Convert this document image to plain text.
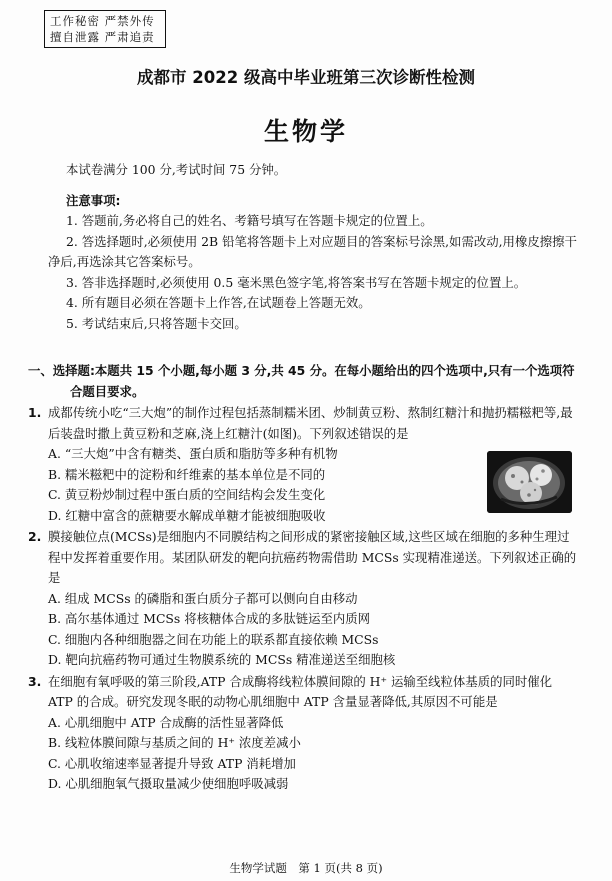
工作秘密 严禁外传
擅自泄露 严肃追责
成都市 2022 级高中毕业班第三次诊断性检测
生物学

本试卷满分 100 分,考试时间 75 分钟。

注意事项:

1. 答题前,务必将自己的姓名、考籍号填写在答题卡规定的位置上。

2. 答选择题时,必须使用 2B 铅笔将答题卡上对应题目的答案标号涂黑,如需改动,用橡皮擦擦干净后,再选涂其它答案标号。

3. 答非选择题时,必须使用 0.5 毫米黑色签字笔,将答案书写在答题卡规定的位置上。

4. 所有题目必须在答题卡上作答,在试题卷上答题无效。

5. 考试结束后,只将答题卡交回。

一、选择题:本题共 15 个小题,每小题 3 分,共 45 分。在每小题给出的四个选项中,只有一个选项符合题目要求。

1. 成都传统小吃“三大炮”的制作过程包括蒸制糯米团、炒制黄豆粉、熬制红糖汁和抛扔糯糍粑等,最后装盘时撒上黄豆粉和芝麻,浇上红糖汁(如图)。下列叙述错误的是
A. “三大炮”中含有糖类、蛋白质和脂肪等多种有机物
B. 糯米糍粑中的淀粉和纤维素的基本单位是不同的
C. 黄豆粉炒制过程中蛋白质的空间结构会发生变化
D. 红糖中富含的蔗糖要水解成单糖才能被细胞吸收
2. 膜接触位点(MCSs)是细胞内不同膜结构之间形成的紧密接触区域,这些区域在细胞的多种生理过程中发挥着重要作用。某团队研发的靶向抗癌药物需借助 MCSs 实现精准递送。下列叙述正确的是
A. 组成 MCSs 的磷脂和蛋白质分子都可以侧向自由移动
B. 高尔基体通过 MCSs 将核糖体合成的多肽链运至内质网
C. 细胞内各种细胞器之间在功能上的联系都直接依赖 MCSs
D. 靶向抗癌药物可通过生物膜系统的 MCSs 精准递送至细胞核
3. 在细胞有氧呼吸的第三阶段,ATP 合成酶将线粒体膜间隙的 H⁺ 运输至线粒体基质的同时催化 ATP 的合成。研究发现冬眠的动物心肌细胞中 ATP 含量显著降低,其原因不可能是
A. 心肌细胞中 ATP 合成酶的活性显著降低
B. 线粒体膜间隙与基质之间的 H⁺ 浓度差减小
C. 心肌收缩速率显著提升导致 ATP 消耗增加
D. 心肌细胞氧气摄取量减少使细胞呼吸减弱
生物学试题　第 1 页(共 8 页)
